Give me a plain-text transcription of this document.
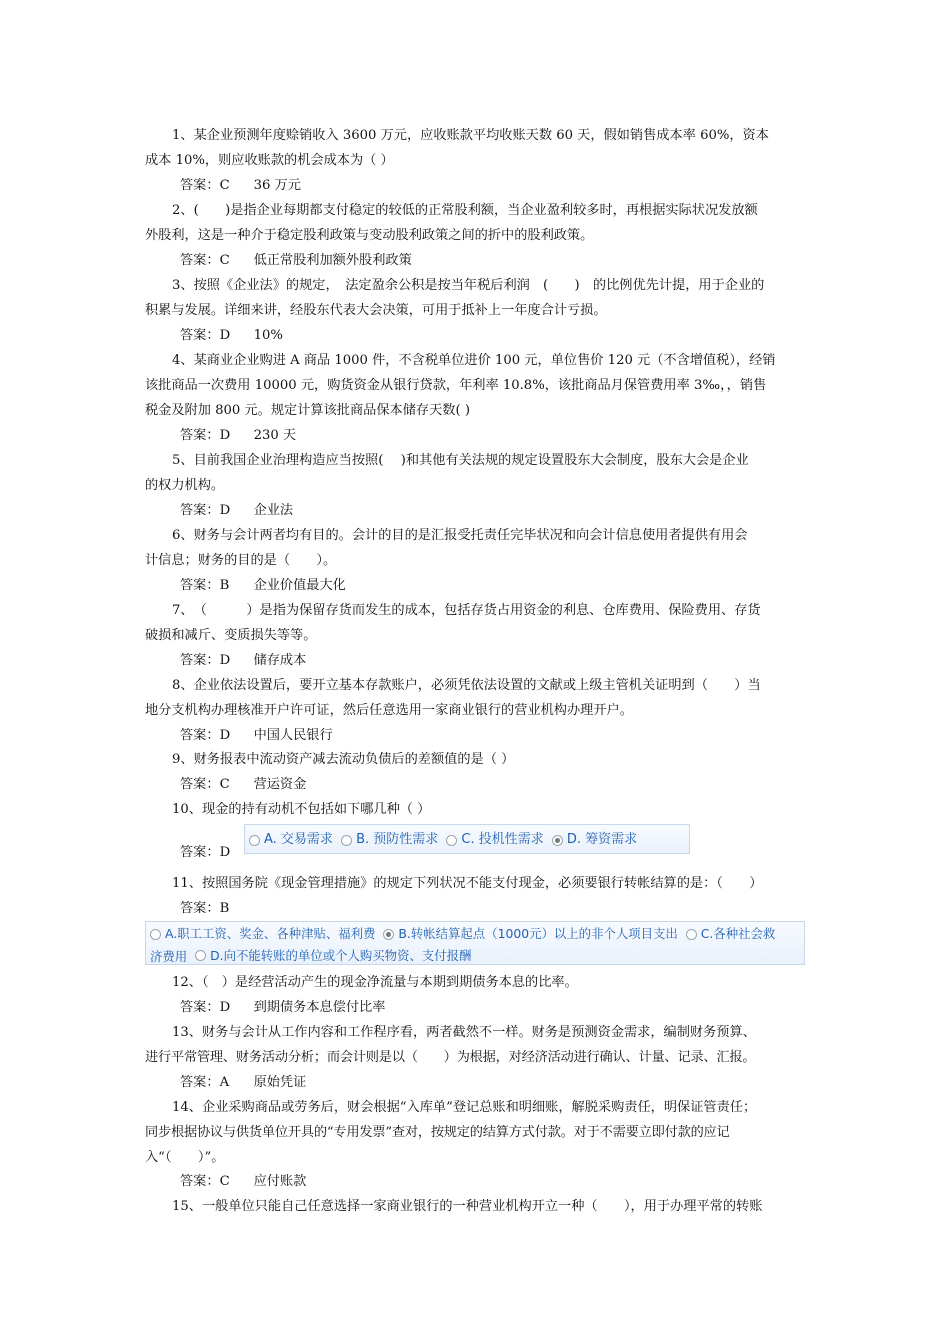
1、某企业预测年度赊销收入 3600 万元，应收账款平均收账天数 60 天，假如销售成本率 60%，资本
成本 10%，则应收账款的机会成本为（ ）
答案：C 36 万元
2、(　　)是指企业每期都支付稳定的较低的正常股利额，当企业盈利较多时，再根据实际状况发放额
外股利，这是一种介于稳定股利政策与变动股利政策之间的折中的股利政策。
答案：C 低正常股利加额外股利政策
3、按照《企业法》的规定，　法定盈余公积是按当年税后利润　(　　)　的比例优先计提，用于企业的
积累与发展。详细来讲，经股东代表大会决策，可用于抵补上一年度合计亏损。
答案：D 10%
4、某商业企业购进 A 商品 1000 件，不含税单位进价 100 元，单位售价 120 元（不含增值税），经销
该批商品一次费用 10000 元，购货资金从银行贷款，年利率 10.8%，该批商品月保管费用率 3‰，，销售
税金及附加 800 元。规定计算该批商品保本储存天数( )
答案：D 230 天
5、目前我国企业治理构造应当按照(　 )和其他有关法规的规定设置股东大会制度，股东大会是企业
的权力机构。
答案：D 企业法
6、财务与会计两者均有目的。会计的目的是汇报受托责任完毕状况和向会计信息使用者提供有用会
计信息；财务的目的是（　　）。
答案：B 企业价值最大化
7、　（　　　）是指为保留存货而发生的成本，包括存货占用资金的利息、仓库费用、保险费用、存货
破损和减斤、变质损失等等。
答案：D 储存成本
8、企业依法设置后，要开立基本存款账户，必须凭依法设置的文献或上级主管机关证明到（　　）当
地分支机构办理核准开户许可证，然后任意选用一家商业银行的营业机构办理开户。
答案：D 中国人民银行
9、财务报表中流动资产减去流动负债后的差额值的是（ ）
答案：C 营运资金
10、现金的持有动机不包括如下哪几种（ ）
答案：D
A. 交易需求
B. 预防性需求
C. 投机性需求
D. 筹资需求
11、按照国务院《现金管理措施》的规定下列状况不能支付现金，必须要银行转帐结算的是：（　　）
答案：B
A.职工工资、奖金、各种津贴、福利费
B.转帐结算起点（1000元）以上的非个人项目支出
C.各种社会救
济费用
D.向不能转账的单位或个人购买物资、支付报酬
12、（　）是经营活动产生的现金净流量与本期到期债务本息的比率。
答案：D 到期债务本息偿付比率
13、财务与会计从工作内容和工作程序看，两者截然不一样。财务是预测资金需求，编制财务预算、
进行平常管理、财务活动分析；而会计则是以（　　）为根据，对经济活动进行确认、计量、记录、汇报。
答案：A 原始凭证
14、企业采购商品或劳务后，财会根据“入库单”登记总账和明细账，解脱采购责任，明保证管责任；
同步根据协议与供货单位开具的“专用发票”查对，按规定的结算方式付款。对于不需要立即付款的应记
入“（　　）”。
答案：C 应付账款
15、一般单位只能自己任意选择一家商业银行的一种营业机构开立一种（　　），用于办理平常的转账
